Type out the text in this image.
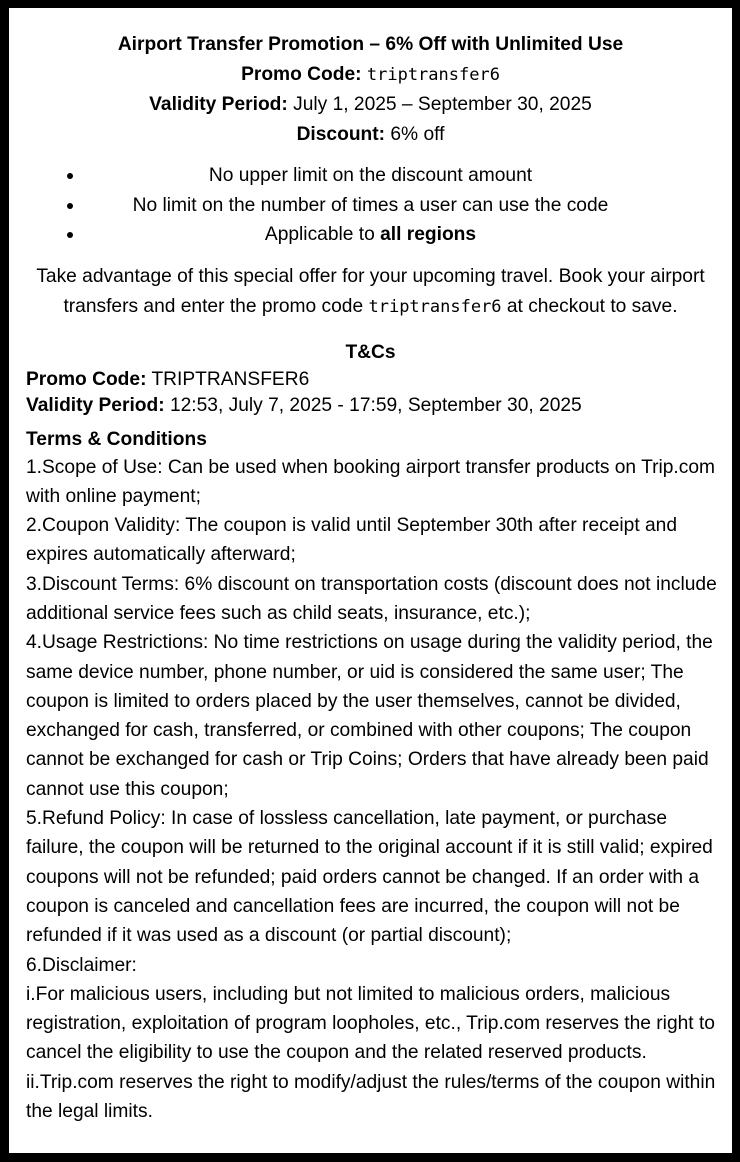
Airport Transfer Promotion – 6% Off with Unlimited Use
Promo Code: triptransfer6
Validity Period: July 1, 2025 – September 30, 2025
Discount: 6% off
No upper limit on the discount amount
No limit on the number of times a user can use the code
Applicable to all regions

Take advantage of this special offer for your upcoming travel. Book your airport transfers and enter the promo code triptransfer6 at checkout to save.

T&Cs
Promo Code: TRIPTRANSFER6
Validity Period: 12:53, July 7, 2025 - 17:59, September 30, 2025
Terms & Conditions

1.Scope of Use: Can be used when booking airport transfer products on Trip.com with online payment;

2.Coupon Validity: The coupon is valid until September 30th after receipt and expires automatically afterward;

3.Discount Terms: 6% discount on transportation costs (discount does not include additional service fees such as child seats, insurance, etc.);

4.Usage Restrictions: No time restrictions on usage during the validity period, the same device number, phone number, or uid is considered the same user; The coupon is limited to orders placed by the user themselves, cannot be divided, exchanged for cash, transferred, or combined with other coupons; The coupon cannot be exchanged for cash or Trip Coins; Orders that have already been paid cannot use this coupon;

5.Refund Policy: In case of lossless cancellation, late payment, or purchase failure, the coupon will be returned to the original account if it is still valid; expired coupons will not be refunded; paid orders cannot be changed. If an order with a coupon is canceled and cancellation fees are incurred, the coupon will not be refunded if it was used as a discount (or partial discount);

6.Disclaimer:

i.For malicious users, including but not limited to malicious orders, malicious registration, exploitation of program loopholes, etc., Trip.com reserves the right to cancel the eligibility to use the coupon and the related reserved products.

ii.Trip.com reserves the right to modify/adjust the rules/terms of the coupon within the legal limits.
